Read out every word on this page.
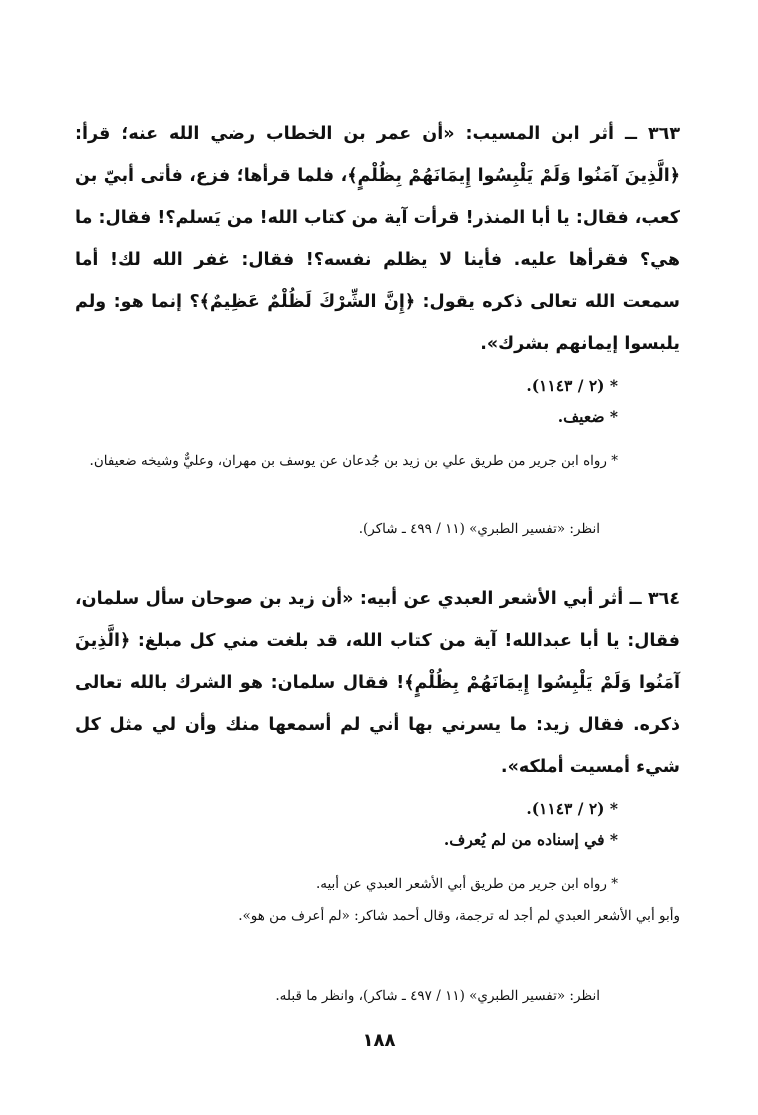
٣٦٣ ــ أثر ابن المسيب: «أن عمر بن الخطاب رضي الله عنه؛ قرأ: ﴿الَّذِينَ آمَنُوا وَلَمْ يَلْبِسُوا إِيمَانَهُمْ بِظُلْمٍ﴾، فلما قرأها؛ فزع، فأتى أبيّ بن كعب، فقال: يا أبا المنذر! قرأت آية من كتاب الله! من يَسلم؟! فقال: ما هي؟ فقرأها عليه. فأينا لا يظلم نفسه؟! فقال: غفر الله لك! أما سمعت الله تعالى ذكره يقول: ﴿إِنَّ الشِّرْكَ لَظُلْمٌ عَظِيمٌ﴾؟ إنما هو: ولم يلبسوا إيمانهم بشرك».

* (٢ / ١١٤٣).

* ضعيف.

* رواه ابن جرير من طريق علي بن زيد بن جُدعان عن يوسف بن مهران، وعليٌّ وشيخه ضعيفان.

انظر: «تفسير الطبري» (١١ / ٤٩٩ ـ شاكر).

٣٦٤ ــ أثر أبي الأشعر العبدي عن أبيه: «أن زيد بن صوحان سأل سلمان، فقال: يا أبا عبدالله! آية من كتاب الله، قد بلغت مني كل مبلغ: ﴿الَّذِينَ آمَنُوا وَلَمْ يَلْبِسُوا إِيمَانَهُمْ بِظُلْمٍ﴾! فقال سلمان: هو الشرك بالله تعالى ذكره. فقال زيد: ما يسرني بها أني لم أسمعها منك وأن لي مثل كل شيء أمسيت أملكه».

* (٢ / ١١٤٣).

* في إسناده من لم يُعرف.

* رواه ابن جرير من طريق أبي الأشعر العبدي عن أبيه.

وأبو أبي الأشعر العبدي لم أجد له ترجمة، وقال أحمد شاكر: «لم أعرف من هو».

انظر: «تفسير الطبري» (١١ / ٤٩٧ ـ شاكر)، وانظر ما قبله.

١٨٨
